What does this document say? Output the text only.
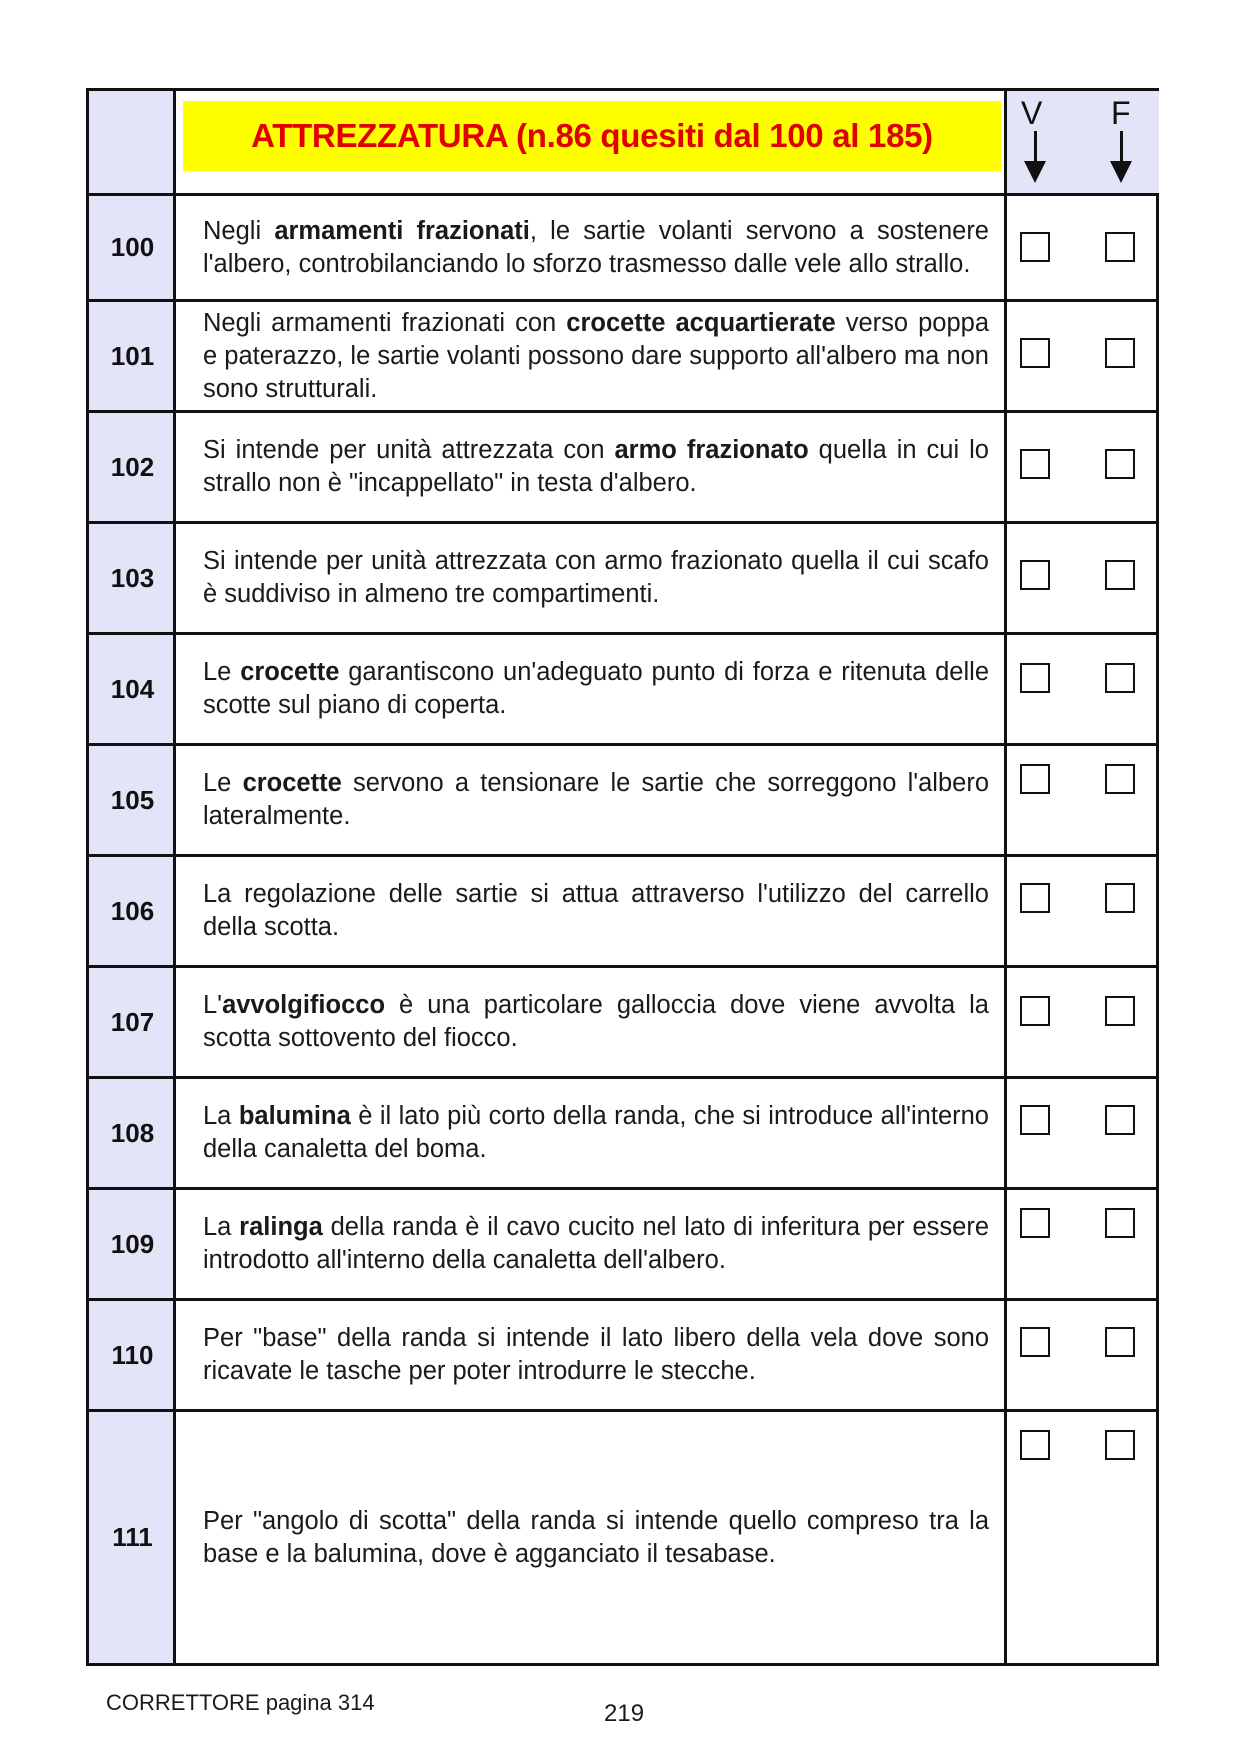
ATTREZZATURA (n.86 quesiti dal 100 al 185)
V F
100
Negli armamenti frazionati, le sartie volanti servono a sostenere l'albero, controbilanciando lo sforzo trasmesso dalle vele allo strallo.
101
Negli armamenti frazionati con crocette acquartierate verso poppa e paterazzo, le sartie volanti possono dare supporto all'albero ma non sono strutturali.
102
Si intende per unità attrezzata con armo frazionato quella in cui lo strallo non è "incappellato" in testa d'albero.
103
Si intende per unità attrezzata con armo frazionato quella il cui scafo è suddiviso in almeno tre compartimenti.
104
Le crocette garantiscono un'adeguato punto di forza e ritenuta delle scotte sul piano di coperta.
105
Le crocette servono a tensionare le sartie che sorreggono l'albero lateralmente.
106
La regolazione delle sartie si attua attraverso l'utilizzo del carrello della scotta.
107
L'avvolgifiocco è una particolare galloccia dove viene avvolta la scotta sottovento del fiocco.
108
La balumina è il lato più corto della randa, che si introduce all'interno della canaletta del boma.
109
La ralinga della randa è il cavo cucito nel lato di inferitura per essere introdotto all'interno della canaletta dell'albero.
110
Per "base" della randa si intende il lato libero della vela dove sono ricavate le tasche per poter introdurre le stecche.
111
Per "angolo di scotta" della randa si intende quello compreso tra la base e la balumina, dove è agganciato il tesabase.
CORRETTORE pagina 314	219
